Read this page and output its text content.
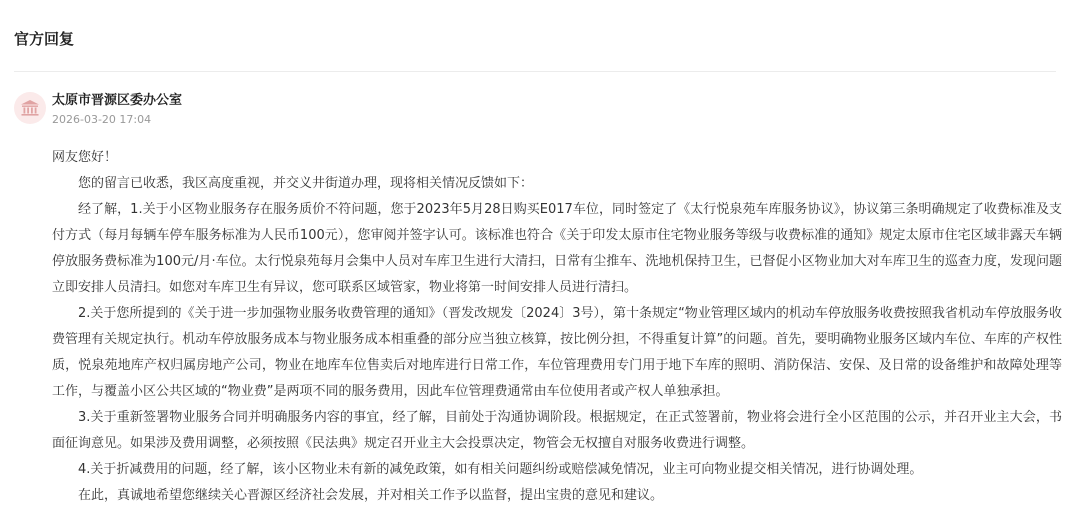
官方回复
太原市晋源区委办公室
2026-03-20 17:04

网友您好！

您的留言已收悉，我区高度重视，并交义井街道办理，现将相关情况反馈如下：

经了解，1.关于小区物业服务存在服务质价不符问题，您于2023年5月28日购买E017车位，同时签定了《太行悦泉苑车库服务协议》，协议第三条明确规定了收费标准及支付方式（每月每辆车停车服务标准为人民币100元），您审阅并签字认可。该标准也符合《关于印发太原市住宅物业服务等级与收费标准的通知》规定太原市住宅区域非露天车辆停放服务费标准为100元/月·车位。太行悦泉苑每月会集中人员对车库卫生进行大清扫，日常有尘推车、洗地机保持卫生，已督促小区物业加大对车库卫生的巡查力度，发现问题立即安排人员清扫。如您对车库卫生有异议，您可联系区域管家，物业将第一时间安排人员进行清扫。

2.关于您所提到的《关于进一步加强物业服务收费管理的通知》（晋发改规发〔2024〕3号），第十条规定“物业管理区域内的机动车停放服务收费按照我省机动车停放服务收费管理有关规定执行。机动车停放服务成本与物业服务成本相重叠的部分应当独立核算，按比例分担，不得重复计算”的问题。首先，要明确物业服务区域内车位、车库的产权性质，悦泉苑地库产权归属房地产公司，物业在地库车位售卖后对地库进行日常工作，车位管理费用专门用于地下车库的照明、消防保洁、安保、及日常的设备维护和故障处理等工作，与覆盖小区公共区域的“物业费”是两项不同的服务费用，因此车位管理费通常由车位使用者或产权人单独承担。

3.关于重新签署物业服务合同并明确服务内容的事宜，经了解，目前处于沟通协调阶段。根据规定，在正式签署前，物业将会进行全小区范围的公示，并召开业主大会，书面征询意见。如果涉及费用调整，必须按照《民法典》规定召开业主大会投票决定，物管会无权擅自对服务收费进行调整。

4.关于折减费用的问题，经了解，该小区物业未有新的减免政策，如有相关问题纠纷或赔偿减免情况，业主可向物业提交相关情况，进行协调处理。

在此，真诚地希望您继续关心晋源区经济社会发展，并对相关工作予以监督，提出宝贵的意见和建议。
